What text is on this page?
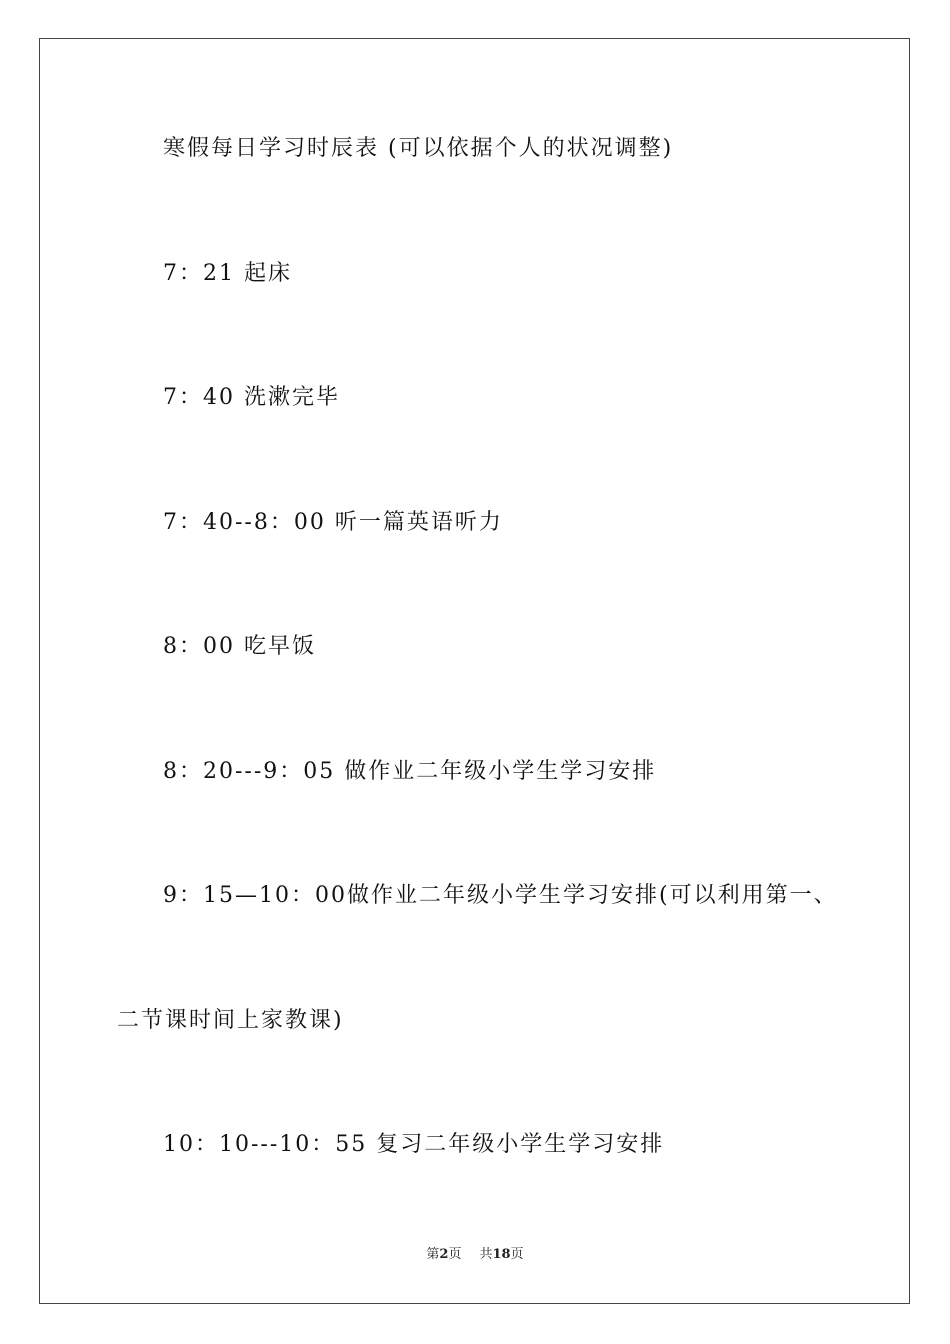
寒假每日学习时辰表 (可以依据个人的状况调整)
7：21 起床
7：40 洗漱完毕
7：40--8：00 听一篇英语听力
8：00 吃早饭
8：20---9：05 做作业二年级小学生学习安排
9：15—10：00做作业二年级小学生学习安排(可以利用第一、
二节课时间上家教课)
10：10---10：55 复习二年级小学生学习安排
第2页 共18页
